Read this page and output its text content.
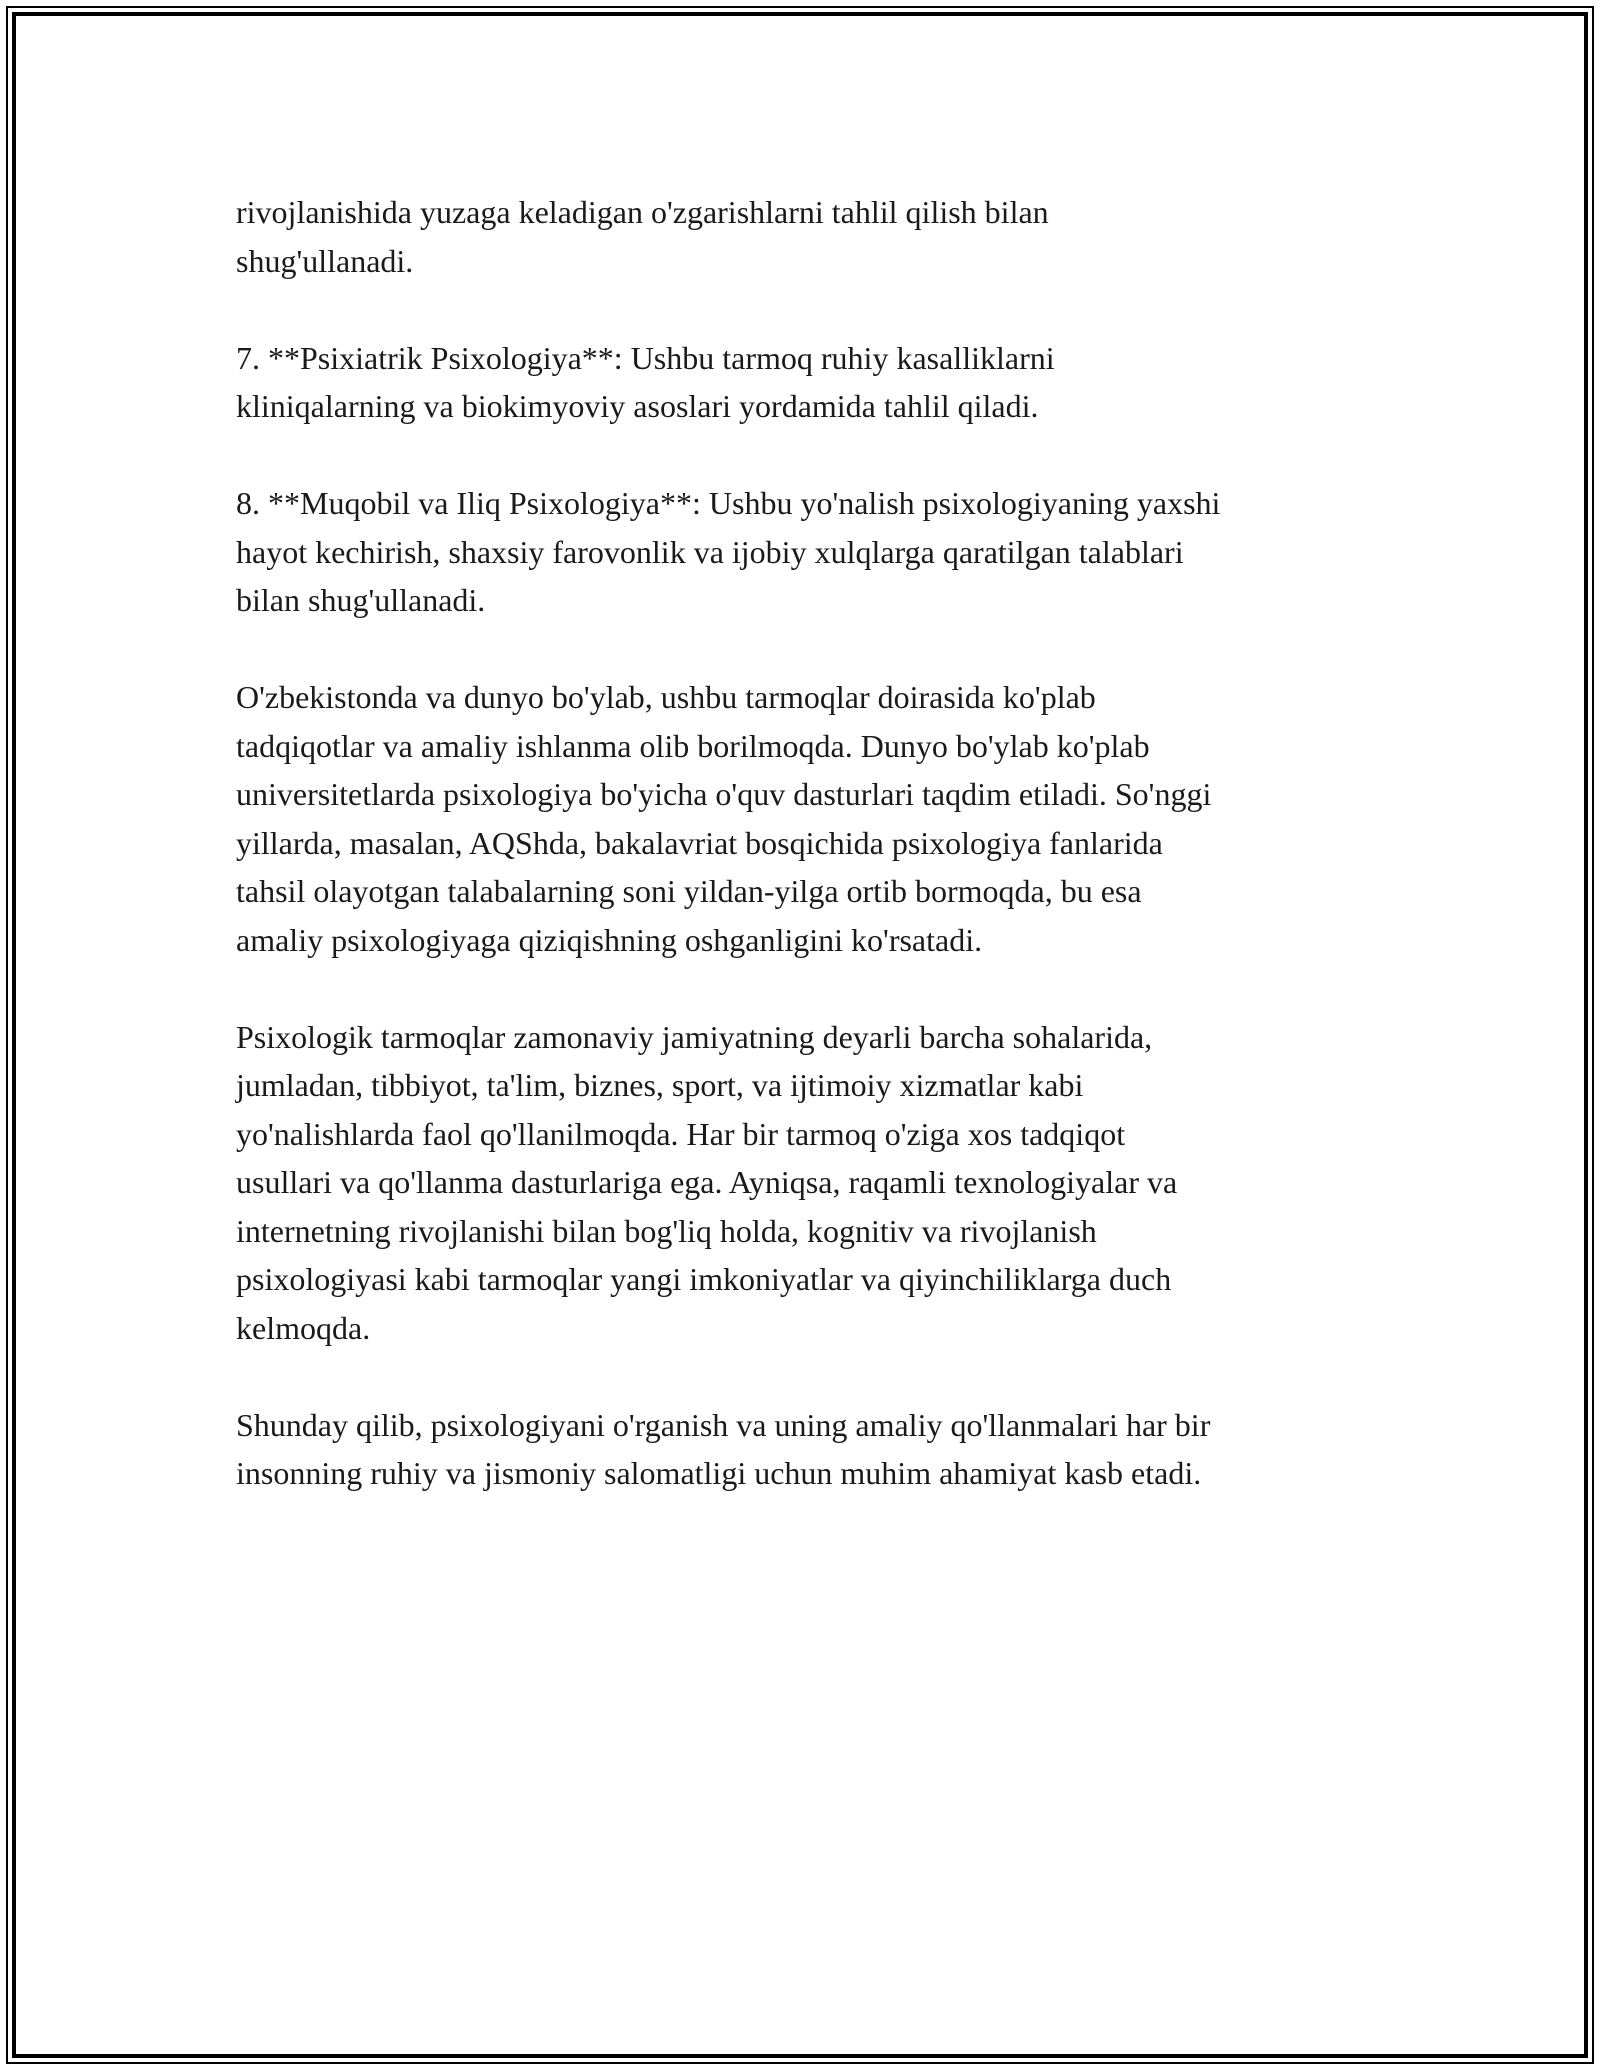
rivojlanishida yuzaga keladigan o'zgarishlarni tahlil qilish bilan
shug'ullanadi.

7. **Psixiatrik Psixologiya**: Ushbu tarmoq ruhiy kasalliklarni
kliniqalarning va biokimyoviy asoslari yordamida tahlil qiladi.

8. **Muqobil va Iliq Psixologiya**: Ushbu yo'nalish psixologiyaning yaxshi
hayot kechirish, shaxsiy farovonlik va ijobiy xulqlarga qaratilgan talablari
bilan shug'ullanadi.

O'zbekistonda va dunyo bo'ylab, ushbu tarmoqlar doirasida ko'plab
tadqiqotlar va amaliy ishlanma olib borilmoqda. Dunyo bo'ylab ko'plab
universitetlarda psixologiya bo'yicha o'quv dasturlari taqdim etiladi. So'nggi
yillarda, masalan, AQShda, bakalavriat bosqichida psixologiya fanlarida
tahsil olayotgan talabalarning soni yildan-yilga ortib bormoqda, bu esa
amaliy psixologiyaga qiziqishning oshganligini ko'rsatadi.

Psixologik tarmoqlar zamonaviy jamiyatning deyarli barcha sohalarida,
jumladan, tibbiyot, ta'lim, biznes, sport, va ijtimoiy xizmatlar kabi
yo'nalishlarda faol qo'llanilmoqda. Har bir tarmoq o'ziga xos tadqiqot
usullari va qo'llanma dasturlariga ega. Ayniqsa, raqamli texnologiyalar va
internetning rivojlanishi bilan bog'liq holda, kognitiv va rivojlanish
psixologiyasi kabi tarmoqlar yangi imkoniyatlar va qiyinchiliklarga duch
kelmoqda.

Shunday qilib, psixologiyani o'rganish va uning amaliy qo'llanmalari har bir
insonning ruhiy va jismoniy salomatligi uchun muhim ahamiyat kasb etadi.
